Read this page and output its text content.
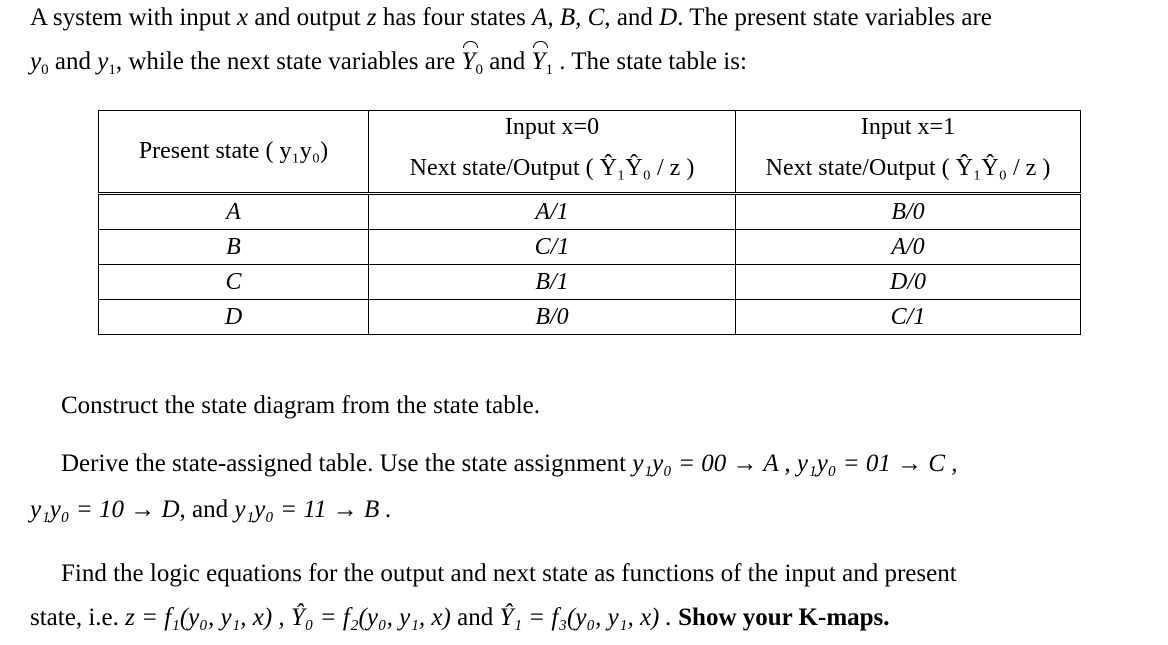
A system with input x and output z has four states A, B, C, and D. The present state variables are
$y_0$ and $y_1$, while the next state variables are
$Y_0$ and
$Y_1$ . The state table is:
Present state ( y₁y₀)	Input x=0	Input x=1
	Next state/Output ( Ŷ₁Ŷ₀ / z )	Next state/Output ( Ŷ₁Ŷ₀ / z )
A	A/1	B/0
B	C/1	A/0
C	B/1	D/0
D	B/0	C/1
Construct the state diagram from the state table.
Derive the state-assigned table. Use the state assignment y₁y₀ = 00 → A , y₁y₀ = 01 → C ,
y₁y₀ = 10 → D, and y₁y₀ = 11 → B .
Find the logic equations for the output and next state as functions of the input and present
state, i.e. z = f₁(y₀, y₁, x) , Ŷ₀ = f₂(y₀, y₁, x) and Ŷ₁ = f₃(y₀, y₁, x) . Show your K-maps.
